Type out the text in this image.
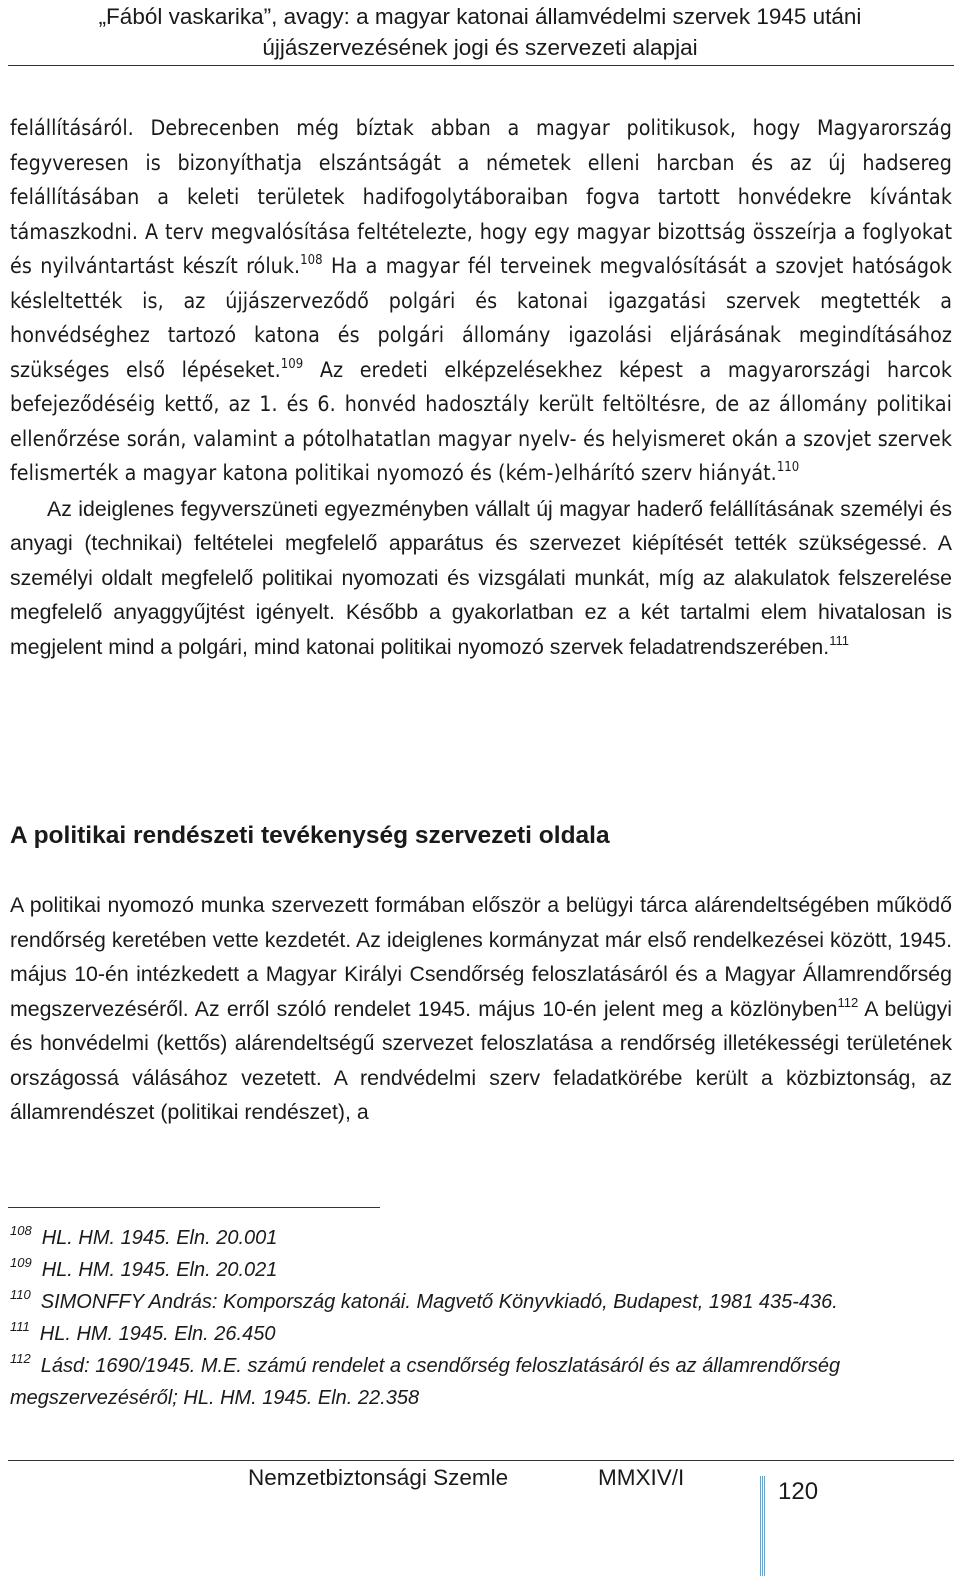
„Fából vaskarika”, avagy: a magyar katonai államvédelmi szervek 1945 utáni
újjászervezésének jogi és szervezeti alapjai

felállításáról. Debrecenben még bíztak abban a magyar politikusok, hogy Magyarország fegyveresen is bizonyíthatja elszántságát a németek elleni harcban és az új hadsereg felállításában a keleti területek hadifogolytáboraiban fogva tartott honvédekre kívántak támaszkodni. A terv megvalósítása feltételezte, hogy egy magyar bizottság összeírja a foglyokat és nyilvántartást készít róluk.$^{108}$ Ha a magyar fél terveinek megvalósítását a szovjet hatóságok késleltették is, az újjászerveződő polgári és katonai igazgatási szervek megtették a honvédséghez tartozó katona és polgári állomány igazolási eljárásának megindításához szükséges első lépéseket.$^{109}$ Az eredeti elképzelésekhez képest a magyarországi harcok befejeződéséig kettő, az 1. és 6. honvéd hadosztály került feltöltésre, de az állomány politikai ellenőrzése során, valamint a pótolhatatlan magyar nyelv- és helyismeret okán a szovjet szervek felismerték a magyar katona politikai nyomozó és (kém-)elhárító szerv hiányát.$^{110}$

Az ideiglenes fegyverszüneti egyezményben vállalt új magyar haderő felállításának személyi és anyagi (technikai) feltételei megfelelő apparátus és szervezet kiépítését tették szükségessé. A személyi oldalt megfelelő politikai nyomozati és vizsgálati munkát, míg az alakulatok felszerelése megfelelő anyaggyűjtést igényelt. Később a gyakorlatban ez a két tartalmi elem hivatalosan is megjelent mind a polgári, mind katonai politikai nyomozó szervek feladatrendszerében.$^{111}$

A politikai rendészeti tevékenység szervezeti oldala

A politikai nyomozó munka szervezett formában először a belügyi tárca alárendeltségében működő rendőrség keretében vette kezdetét. Az ideiglenes kormányzat már első rendelkezései között, 1945. május 10-én intézkedett a Magyar Királyi Csendőrség feloszlatásáról és a Magyar Államrendőrség megszervezéséről. Az erről szóló rendelet 1945. május 10-én jelent meg a közlönyben$^{112}$ A belügyi és honvédelmi (kettős) alárendeltségű szervezet feloszlatása a rendőrség illetékességi területének országossá válásához vezetett. A rendvédelmi szerv feladatkörébe került a közbiztonság, az államrendészet (politikai rendészet), a

$^{108}$ HL. HM. 1945. Eln. 20.001

$^{109}$ HL. HM. 1945. Eln. 20.021

$^{110}$ SIMONFFY András: Kompország katonái. Magvető Könyvkiadó, Budapest, 1981 435-436.

$^{111}$ HL. HM. 1945. Eln. 26.450

$^{112}$ Lásd: 1690/1945. M.E. számú rendelet a csendőrség feloszlatásáról és az államrendőrség megszervezéséről; HL. HM. 1945. Eln. 22.358

Nemzetbiztonsági Szemle	MMXIV/I
120
